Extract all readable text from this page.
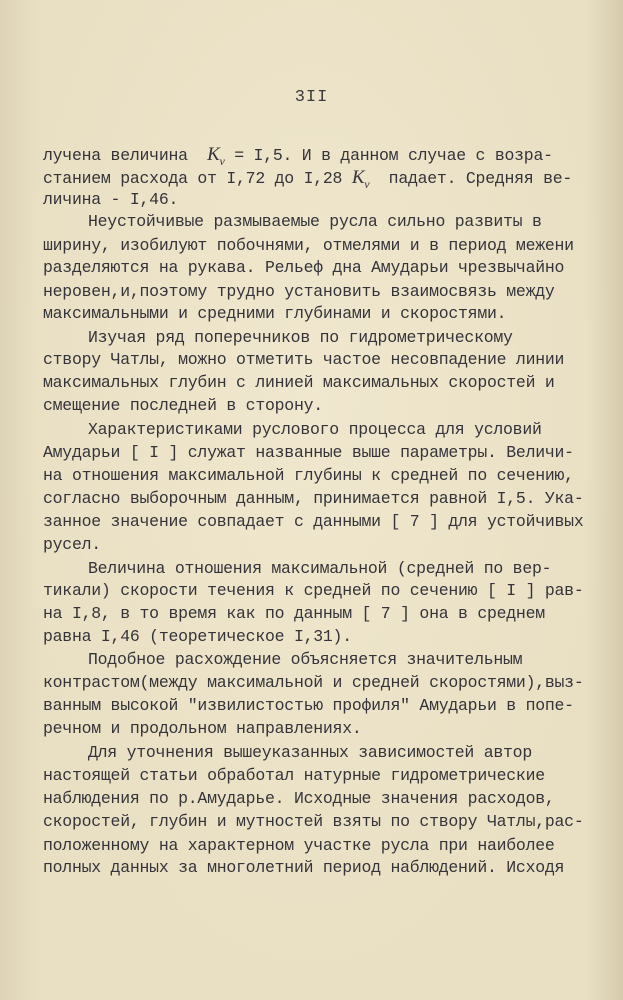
3II
лучена величина  $K_v = I,5$. И в данном случае с возра-
станием расхода от I,72 до I,28 $K_v$  падает. Средняя ве-
личина - I,46.
Неустойчивые размываемые русла сильно развиты в
ширину, изобилуют побочнями, отмелями и в период межени
разделяются на рукава. Рельеф дна Амударьи чрезвычайно
неровен,и,поэтому трудно установить взаимосвязь между
максимальными и средними глубинами и скоростями.
Изучая ряд поперечников по гидрометрическому
створу Чатлы, можно отметить частое несовпадение линии
максимальных глубин с линией максимальных скоростей и
смещение последней в сторону.
Характеристиками руслового процесса для условий
Амударьи [ I ] служат названные выше параметры. Величи-
на отношения максимальной глубины к средней по сечению,
согласно выборочным данным, принимается равной I,5. Ука-
занное значение совпадает с данными [ 7 ] для устойчивых
русел.
Величина отношения максимальной (средней по вер-
тикали) скорости течения к средней по сечению [ I ] рав-
на I,8, в то время как по данным [ 7 ] она в среднем
равна I,46 (теоретическое I,31).
Подобное расхождение объясняется значительным
контрастом(между максимальной и средней скоростями),выз-
ванным высокой "извилистостью профиля" Амударьи в попе-
речном и продольном направлениях.
Для уточнения вышеуказанных зависимостей автор
настоящей статьи обработал натурные гидрометрические
наблюдения по р.Амударье. Исходные значения расходов,
скоростей, глубин и мутностей взяты по створу Чатлы,рас-
положенному на характерном участке русла при наиболее
полных данных за многолетний период наблюдений. Исходя
